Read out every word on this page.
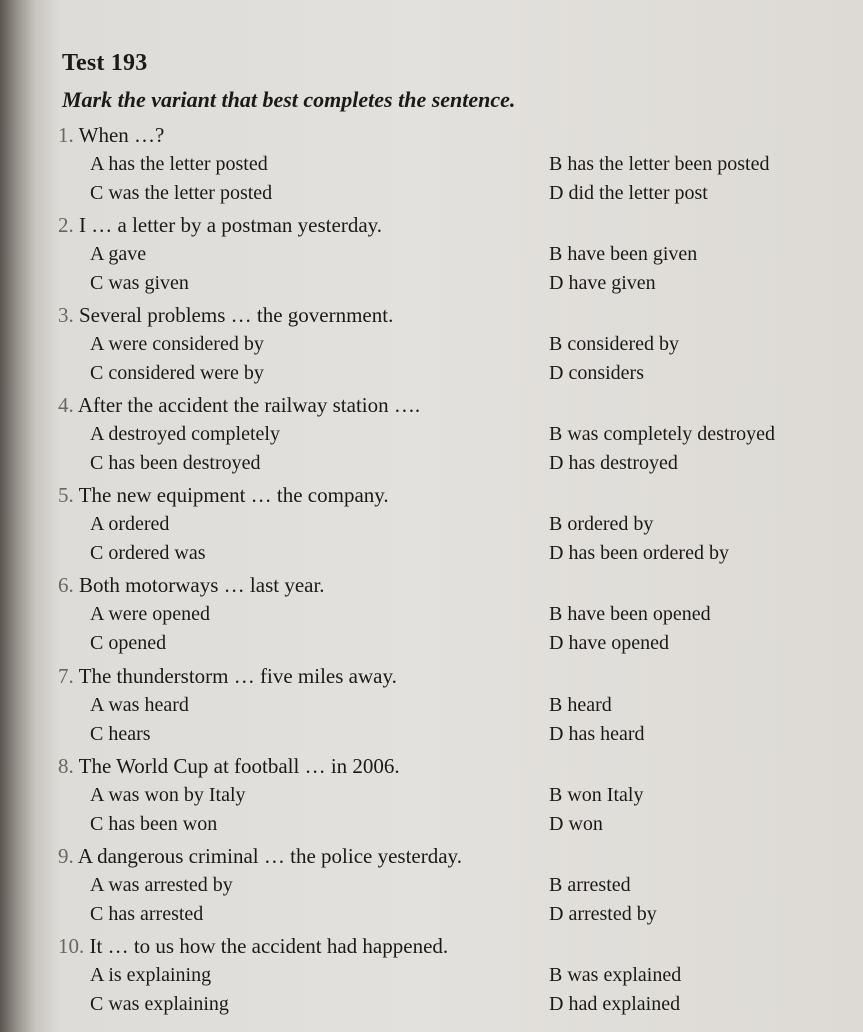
Test 193
Mark the variant that best completes the sentence.
1. When …?
A has the letter posted	B has the letter been posted
C was the letter posted	D did the letter post
2. I … a letter by a postman yesterday.
A gave	B have been given
C was given	D have given
3. Several problems … the government.
A were considered by	B considered by
C considered were by	D considers
4. After the accident the railway station ….
A destroyed completely	B was completely destroyed
C has been destroyed	D has destroyed
5. The new equipment … the company.
A ordered	B ordered by
C ordered was	D has been ordered by
6. Both motorways … last year.
A were opened	B have been opened
C opened	D have opened
7. The thunderstorm … five miles away.
A was heard	B heard
C hears	D has heard
8. The World Cup at football … in 2006.
A was won by Italy	B won Italy
C has been won	D won
9. A dangerous criminal … the police yesterday.
A was arrested by	B arrested
C has arrested	D arrested by
10. It … to us how the accident had happened.
A is explaining	B was explained
C was explaining	D had explained
